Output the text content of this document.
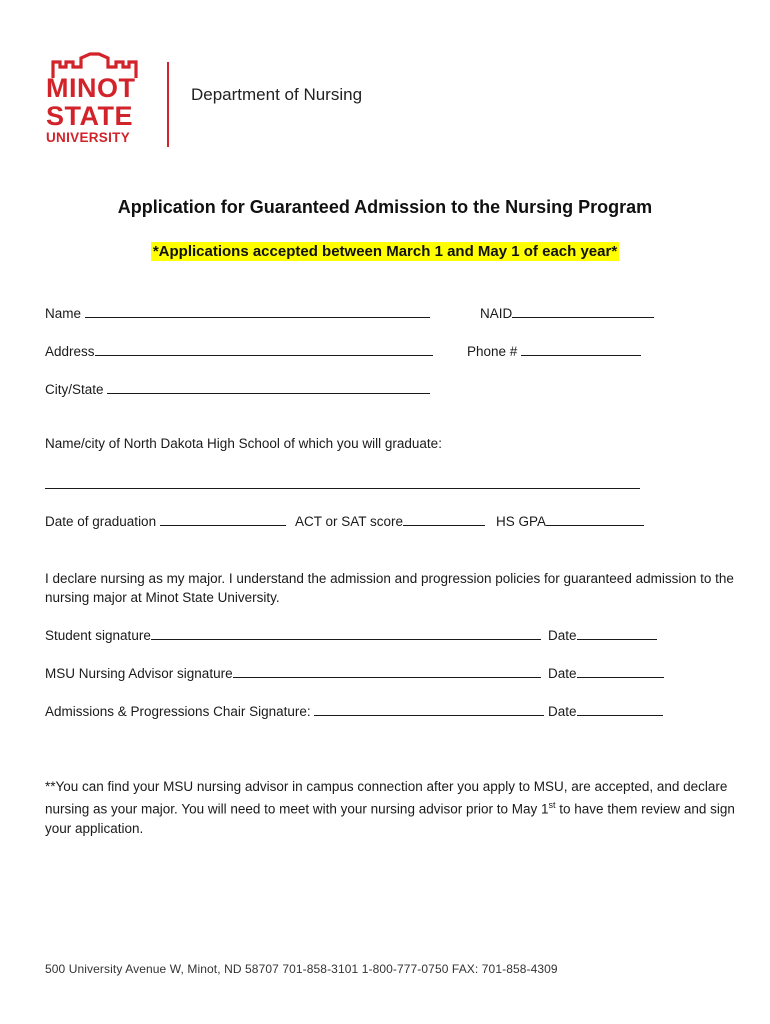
MINOT
STATE
UNIVERSITY
Department of Nursing
Application for Guaranteed Admission to the Nursing Program
*Applications accepted between March 1 and May 1 of each year*
Name	NAID
Address	Phone #
City/State
Name/city of North Dakota High School of which you will graduate:
Date of graduation	ACT or SAT score	HS GPA
I declare nursing as my major. I understand the admission and progression policies for guaranteed admission to the nursing major at Minot State University.
Student signature	Date
MSU Nursing Advisor signature	Date
Admissions & Progressions Chair Signature:	Date
**You can find your MSU nursing advisor in campus connection after you apply to MSU, are accepted, and declare nursing as your major. You will need to meet with your nursing advisor prior to May 1st to have them review and sign your application.
500 University Avenue W, Minot, ND 58707 701-858-3101 1-800-777-0750 FAX: 701-858-4309
